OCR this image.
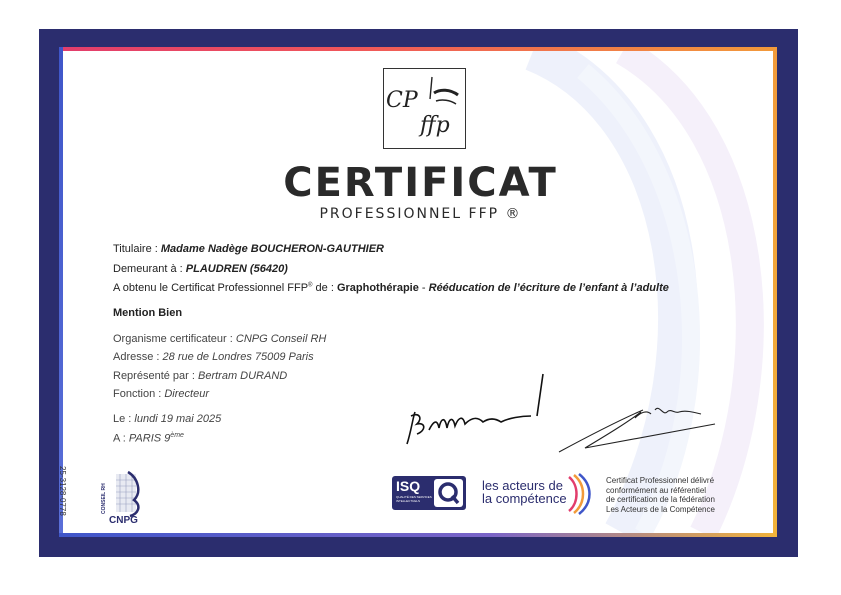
CP
ffp
CERTIFICAT
PROFESSIONNEL FFP ®
Titulaire : Madame Nadège BOUCHERON-GAUTHIER
Demeurant à : PLAUDREN (56420)
A obtenu le Certificat Professionnel FFP® de : Graphothérapie - Rééducation de l’écriture de l’enfant à l’adulte
Mention Bien
Organisme certificateur : CNPG Conseil RH
Adresse : 28 rue de Londres 75009 Paris
Représenté par : Bertram DURAND
Fonction : Directeur
Le : lundi 19 mai 2025
A : PARIS 9ème
25-3128-0778	CONSEIL RH
CNPG
ISQ
QUALITÉ DES SERVICES INTELLECTUELS
les acteurs de
la compétence
Certificat Professionnel délivré
conformément au référentiel
de certification de la fédération
Les Acteurs de la Compétence
